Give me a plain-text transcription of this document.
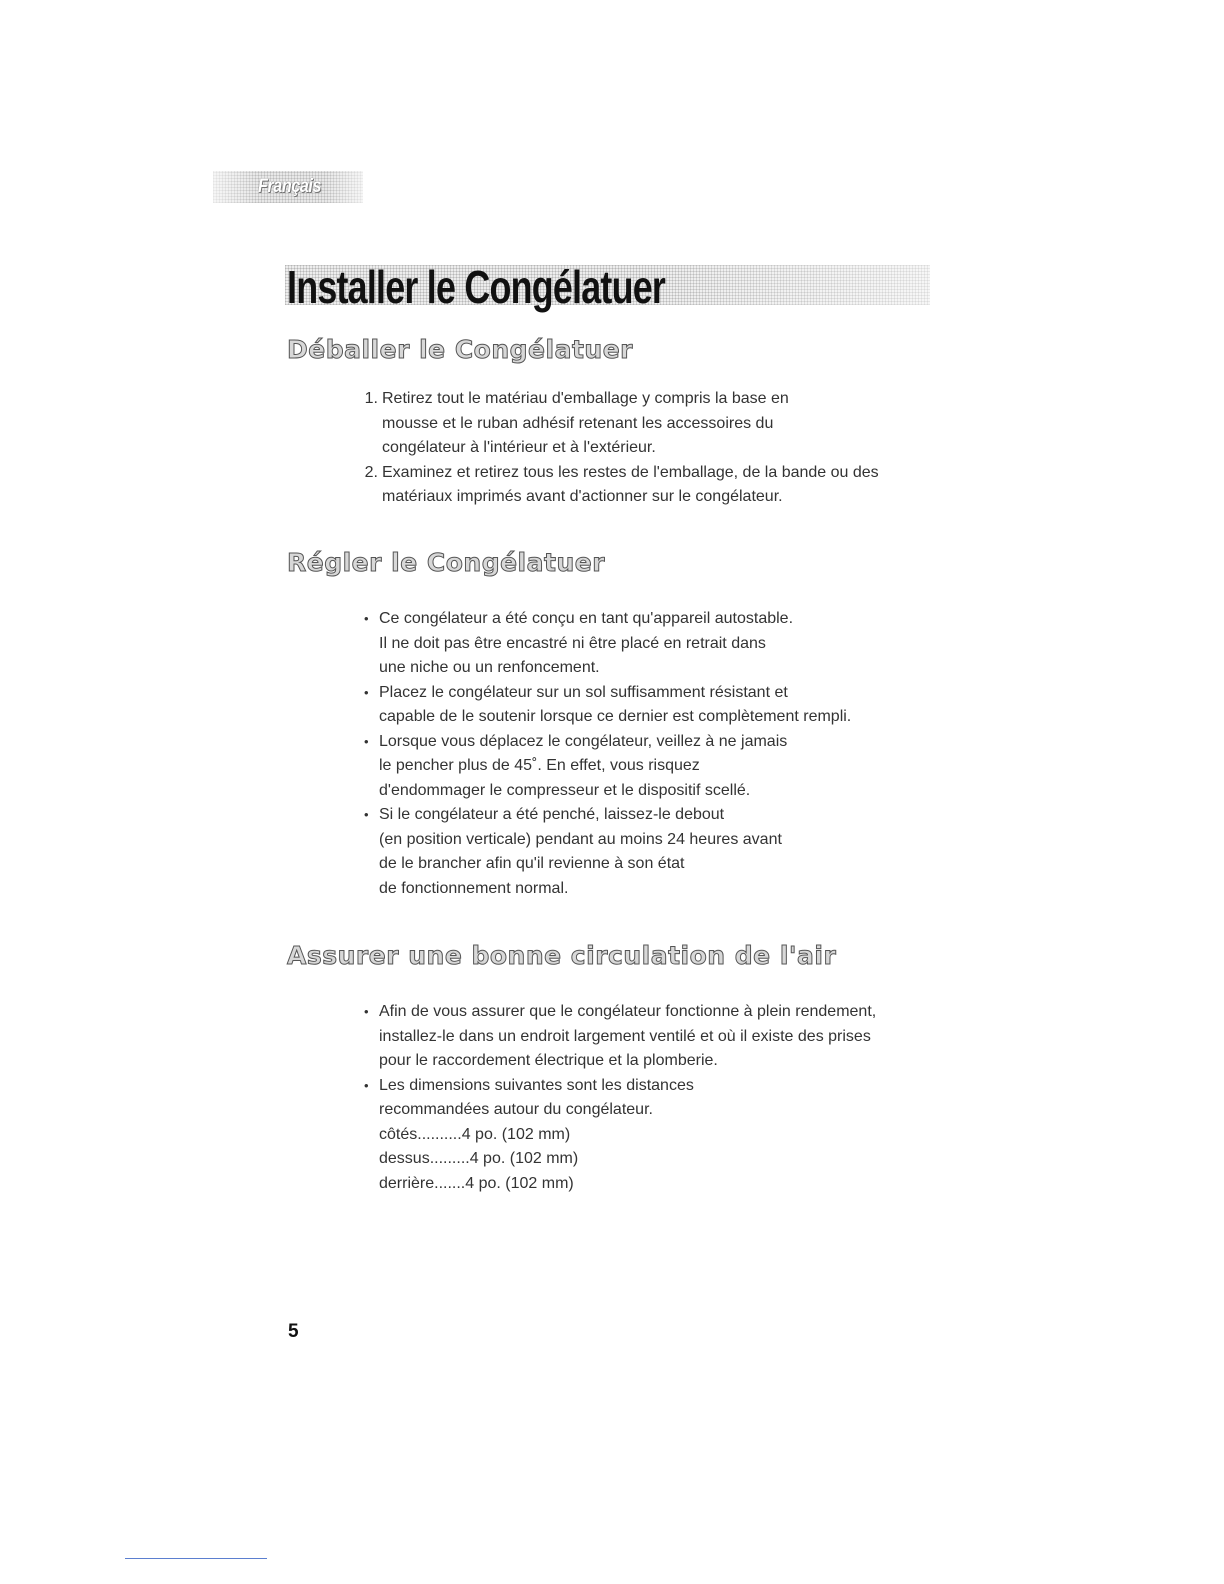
Français
Installer le Congélatuer
Déballer le Congélatuer
1. Retirez tout le matériau d'emballage y compris la base en
mousse et le ruban adhésif retenant les accessoires du
congélateur à l'intérieur et à l'extérieur.
2. Examinez et retirez tous les restes de l'emballage, de la bande ou des
matériaux imprimés avant d'actionner sur le congélateur.
Régler le Congélatuer
• Ce congélateur a été conçu en tant qu'appareil autostable.
Il ne doit pas être encastré ni être placé en retrait dans
une niche ou un renfoncement.
• Placez le congélateur sur un sol suffisamment résistant et
capable de le soutenir lorsque ce dernier est complètement rempli.
• Lorsque vous déplacez le congélateur, veillez à ne jamais
le pencher plus de 45˚. En effet, vous risquez
d'endommager le compresseur et le dispositif scellé.
• Si le congélateur a été penché, laissez-le debout
(en position verticale) pendant au moins 24 heures avant
de le brancher afin qu'il revienne à son état
de fonctionnement normal.
Assurer une bonne circulation de l'air
• Afin de vous assurer que le congélateur fonctionne à plein rendement,
installez-le dans un endroit largement ventilé et où il existe des prises
pour le raccordement électrique et la plomberie.
• Les dimensions suivantes sont les distances
recommandées autour du congélateur.
côtés..........4 po. (102 mm)
dessus.........4 po. (102 mm)
derrière.......4 po. (102 mm)
5
